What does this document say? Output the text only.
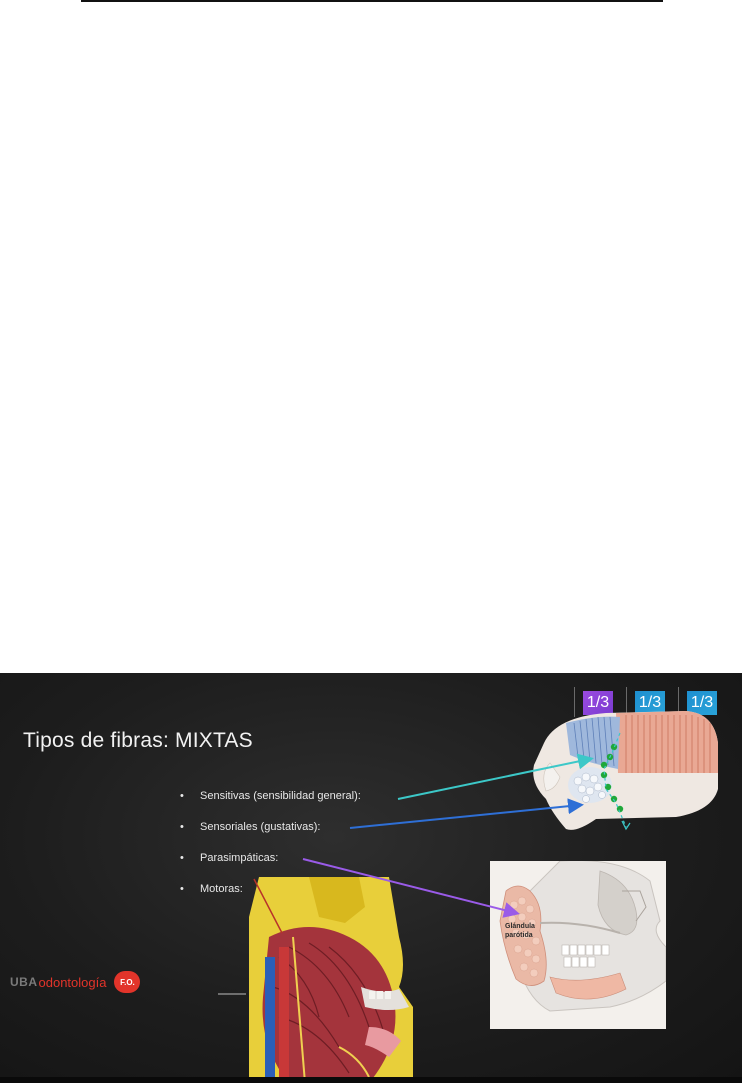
1/3 1/3 1/3
Tipos de fibras: MIXTAS
•	Sensitivas (sensibilidad general):
•	Sensoriales (gustativas):
•	Parasimpáticas:
•	Motoras:
Glándula parótida
UBA odontología	F.O.
